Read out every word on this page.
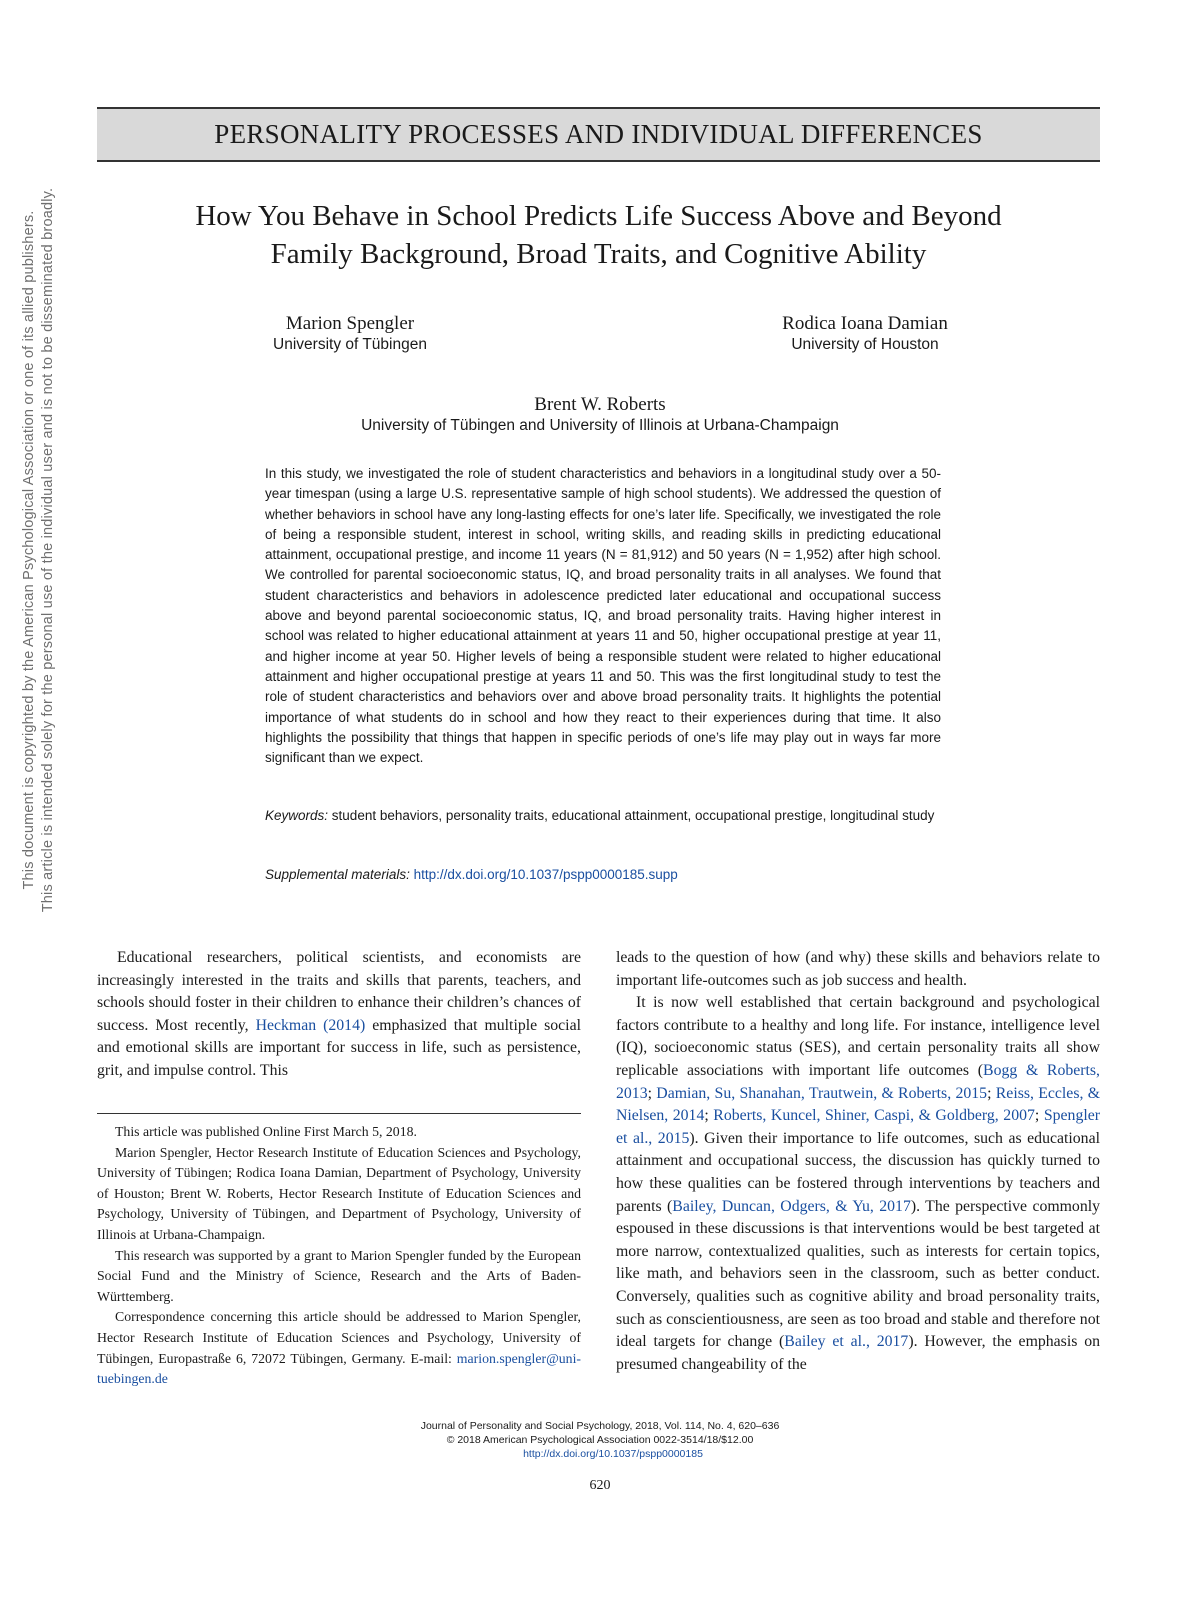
This document is copyrighted by the American Psychological Association or one of its allied publishers. This article is intended solely for the personal use of the individual user and is not to be disseminated broadly.
PERSONALITY PROCESSES AND INDIVIDUAL DIFFERENCES
How You Behave in School Predicts Life Success Above and Beyond
Family Background, Broad Traits, and Cognitive Ability
Marion Spengler
University of Tübingen
Rodica Ioana Damian
University of Houston
Brent W. Roberts
University of Tübingen and University of Illinois at Urbana-Champaign

In this study, we investigated the role of student characteristics and behaviors in a longitudinal study over a 50-year timespan (using a large U.S. representative sample of high school students). We addressed the question of whether behaviors in school have any long-lasting effects for one’s later life. Specifically, we investigated the role of being a responsible student, interest in school, writing skills, and reading skills in predicting educational attainment, occupational prestige, and income 11 years (N = 81,912) and 50 years (N = 1,952) after high school. We controlled for parental socioeconomic status, IQ, and broad personality traits in all analyses. We found that student characteristics and behaviors in adolescence predicted later educational and occupational success above and beyond parental socioeconomic status, IQ, and broad personality traits. Having higher interest in school was related to higher educational attainment at years 11 and 50, higher occupational prestige at year 11, and higher income at year 50. Higher levels of being a responsible student were related to higher educational attainment and higher occupational prestige at years 11 and 50. This was the first longitudinal study to test the role of student characteristics and behaviors over and above broad personality traits. It highlights the potential importance of what students do in school and how they react to their experiences during that time. It also highlights the possibility that things that happen in specific periods of one’s life may play out in ways far more significant than we expect.

Keywords: student behaviors, personality traits, educational attainment, occupational prestige, longitudinal study

Supplemental materials: http://dx.doi.org/10.1037/pspp0000185.supp

Educational researchers, political scientists, and economists are increasingly interested in the traits and skills that parents, teachers, and schools should foster in their children to enhance their children’s chances of success. Most recently, Heckman (2014) emphasized that multiple social and emotional skills are important for success in life, such as persistence, grit, and impulse control. This

This article was published Online First March 5, 2018.

Marion Spengler, Hector Research Institute of Education Sciences and Psychology, University of Tübingen; Rodica Ioana Damian, Department of Psychology, University of Houston; Brent W. Roberts, Hector Research Institute of Education Sciences and Psychology, University of Tübingen, and Department of Psychology, University of Illinois at Urbana-Champaign.

This research was supported by a grant to Marion Spengler funded by the European Social Fund and the Ministry of Science, Research and the Arts of Baden-Württemberg.

Correspondence concerning this article should be addressed to Marion Spengler, Hector Research Institute of Education Sciences and Psychology, University of Tübingen, Europastraße 6, 72072 Tübingen, Germany. E-mail: marion.spengler@uni-tuebingen.de

leads to the question of how (and why) these skills and behaviors relate to important life-outcomes such as job success and health.

It is now well established that certain background and psychological factors contribute to a healthy and long life. For instance, intelligence level (IQ), socioeconomic status (SES), and certain personality traits all show replicable associations with important life outcomes (Bogg & Roberts, 2013; Damian, Su, Shanahan, Trautwein, & Roberts, 2015; Reiss, Eccles, & Nielsen, 2014; Roberts, Kuncel, Shiner, Caspi, & Goldberg, 2007; Spengler et al., 2015). Given their importance to life outcomes, such as educational attainment and occupational success, the discussion has quickly turned to how these qualities can be fostered through interventions by teachers and parents (Bailey, Duncan, Odgers, & Yu, 2017). The perspective commonly espoused in these discussions is that interventions would be best targeted at more narrow, contextualized qualities, such as interests for certain topics, like math, and behaviors seen in the classroom, such as better conduct. Conversely, qualities such as cognitive ability and broad personality traits, such as conscientiousness, are seen as too broad and stable and therefore not ideal targets for change (Bailey et al., 2017). However, the emphasis on presumed changeability of the

Journal of Personality and Social Psychology, 2018, Vol. 114, No. 4, 620–636
© 2018 American Psychological Association 0022-3514/18/$12.00
http://dx.doi.org/10.1037/pspp0000185
620
